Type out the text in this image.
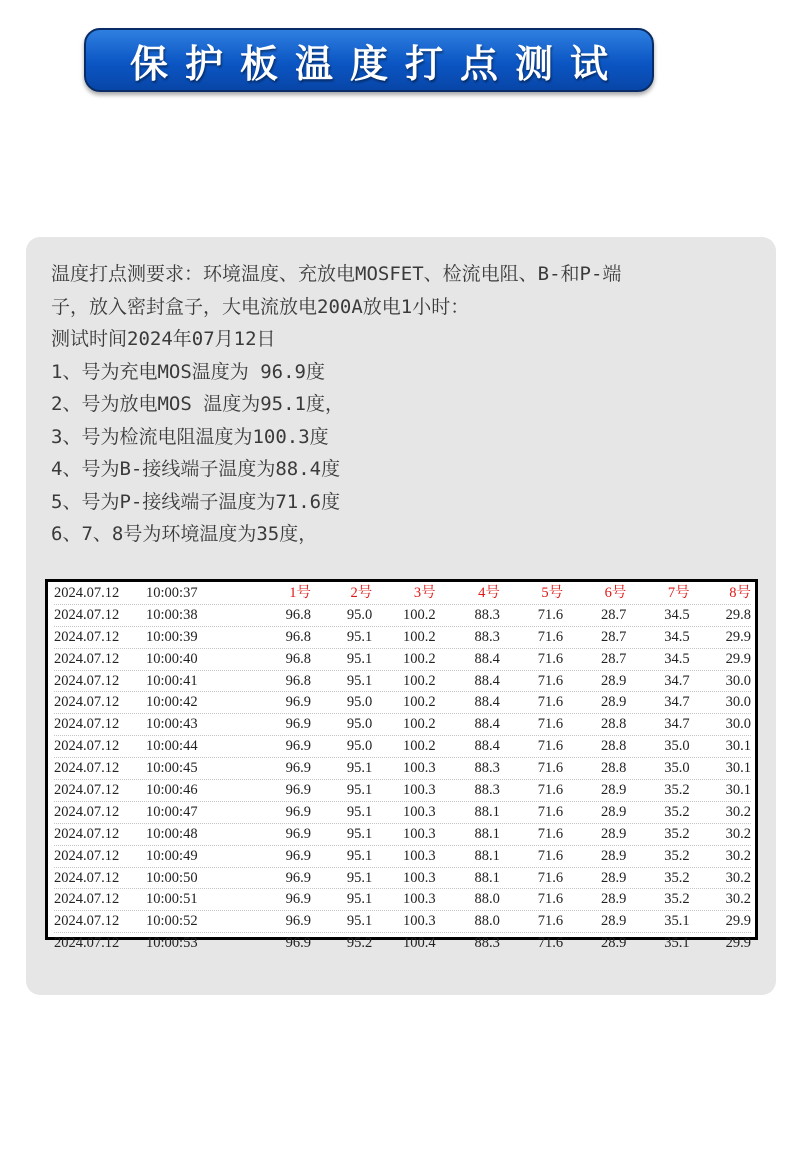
保护板温度打点测试
温度打点测要求：环境温度、充放电MOSFET、检流电阻、B-和P-端
子，放入密封盒子，大电流放电200A放电1小时：
测试时间2024年07月12日
1、号为充电MOS温度为 96.9度
2、号为放电MOS 温度为95.1度，
3、号为检流电阻温度为100.3度
4、号为B-接线端子温度为88.4度
5、号为P-接线端子温度为71.6度
6、7、8号为环境温度为35度，
2024.07.12	10:00:37	1号	2号	3号	4号	5号	6号	7号	8号
2024.07.12	10:00:38	96.8	95.0	100.2	88.3	71.6	28.7	34.5	29.8
2024.07.12	10:00:39	96.8	95.1	100.2	88.3	71.6	28.7	34.5	29.9
2024.07.12	10:00:40	96.8	95.1	100.2	88.4	71.6	28.7	34.5	29.9
2024.07.12	10:00:41	96.8	95.1	100.2	88.4	71.6	28.9	34.7	30.0
2024.07.12	10:00:42	96.9	95.0	100.2	88.4	71.6	28.9	34.7	30.0
2024.07.12	10:00:43	96.9	95.0	100.2	88.4	71.6	28.8	34.7	30.0
2024.07.12	10:00:44	96.9	95.0	100.2	88.4	71.6	28.8	35.0	30.1
2024.07.12	10:00:45	96.9	95.1	100.3	88.3	71.6	28.8	35.0	30.1
2024.07.12	10:00:46	96.9	95.1	100.3	88.3	71.6	28.9	35.2	30.1
2024.07.12	10:00:47	96.9	95.1	100.3	88.1	71.6	28.9	35.2	30.2
2024.07.12	10:00:48	96.9	95.1	100.3	88.1	71.6	28.9	35.2	30.2
2024.07.12	10:00:49	96.9	95.1	100.3	88.1	71.6	28.9	35.2	30.2
2024.07.12	10:00:50	96.9	95.1	100.3	88.1	71.6	28.9	35.2	30.2
2024.07.12	10:00:51	96.9	95.1	100.3	88.0	71.6	28.9	35.2	30.2
2024.07.12	10:00:52	96.9	95.1	100.3	88.0	71.6	28.9	35.1	29.9
2024.07.12	10:00:53	96.9	95.2	100.4	88.3	71.6	28.9	35.1	29.9
